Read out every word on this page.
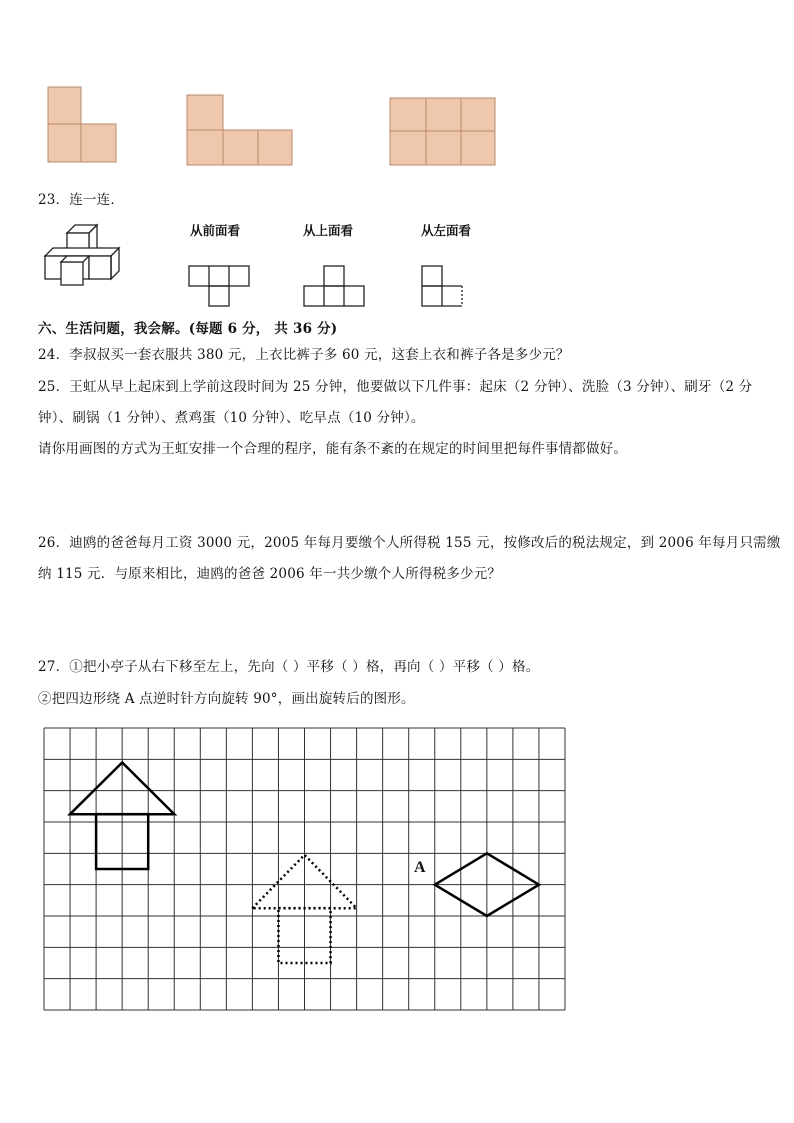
23．连一连．
从前面看	从上面看	从左面看
六、生活问题，我会解。(每题 6 分， 共 36 分)
24．李叔叔买一套衣服共 380 元，上衣比裤子多 60 元，这套上衣和裤子各是多少元？
25．王虹从早上起床到上学前这段时间为 25 分钟，他要做以下几件事：起床（2 分钟）、洗脸（3 分钟）、刷牙（2 分
钟）、刷锅（1 分钟）、煮鸡蛋（10 分钟）、吃早点（10 分钟）。
请你用画图的方式为王虹安排一个合理的程序，能有条不紊的在规定的时间里把每件事情都做好。
26．迪鸥的爸爸每月工资 3000 元，2005 年每月要缴个人所得税 155 元，按修改后的税法规定，到 2006 年每月只需缴
纳 115 元．与原来相比，迪鸥的爸爸 2006 年一共少缴个人所得税多少元？
27．①把小亭子从右下移至左上，先向（ ）平移（ ）格，再向（ ）平移（ ）格。
②把四边形绕 A 点逆时针方向旋转 90°，画出旋转后的图形。
A
